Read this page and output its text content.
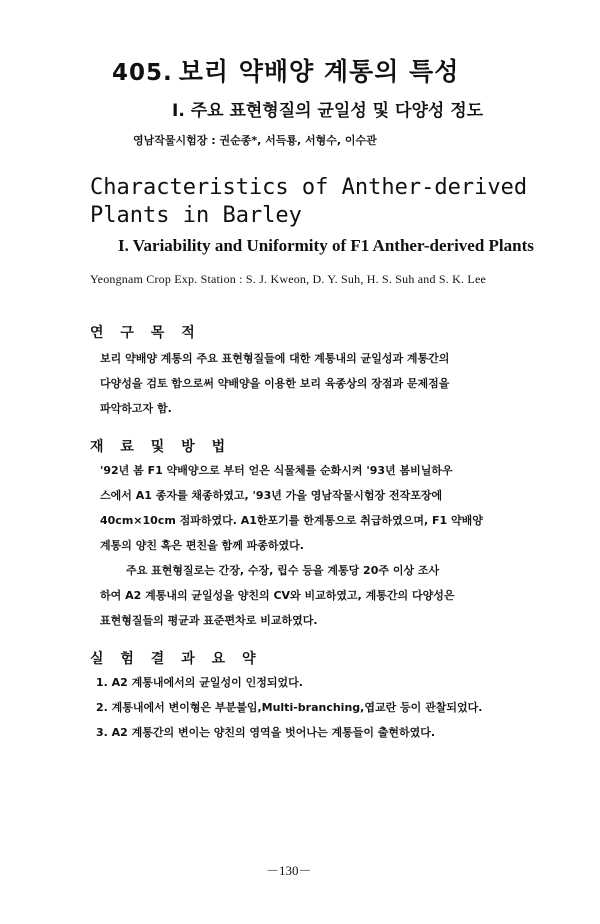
405. 보리 약배양 계통의 특성
I. 주요 표현형질의 균일성 및 다양성 정도
영남작물시험장 : 권순종*, 서득룡, 서형수, 이수관
Characteristics of Anther-derived Plants in Barley
I. Variability and Uniformity of F1 Anther-derived Plants
Yeongnam Crop Exp. Station : S. J. Kweon, D. Y. Suh, H. S. Suh and S. K. Lee
연 구 목 적
보리 약배양 계통의 주요 표현형질들에 대한 계통내의 균일성과 계통간의
다양성을 검토 함으로써 약배양을 이용한 보리 육종상의 장점과 문제점을
파악하고자 함.
재 료 및 방 법
'92년 봄 F1 약배양으로 부터 얻은 식물체를 순화시켜 '93년 봄비닐하우
스에서 A1 종자를 채종하였고, '93년 가을 영남작물시험장 전작포장에
40cm×10cm 점파하였다. A1한포기를 한계통으로 취급하였으며, F1 약배양
계통의 양친 혹은 편친을 함께 파종하였다.
주요 표현형질로는 간장, 수장, 립수 등을 계통당 20주 이상 조사
하여 A2 계통내의 균일성을 양친의 CV와 비교하였고, 계통간의 다양성은
표현형질들의 평균과 표준편차로 비교하였다.
실 험 결 과 요 약
1. A2 계통내에서의 균일성이 인정되었다.
2. 계통내에서 변이형은 부분불임,Multi-branching,엽교란 등이 관찰되었다.
3. A2 계통간의 변이는 양친의 영역을 벗어나는 계통들이 출현하였다.
－130－
